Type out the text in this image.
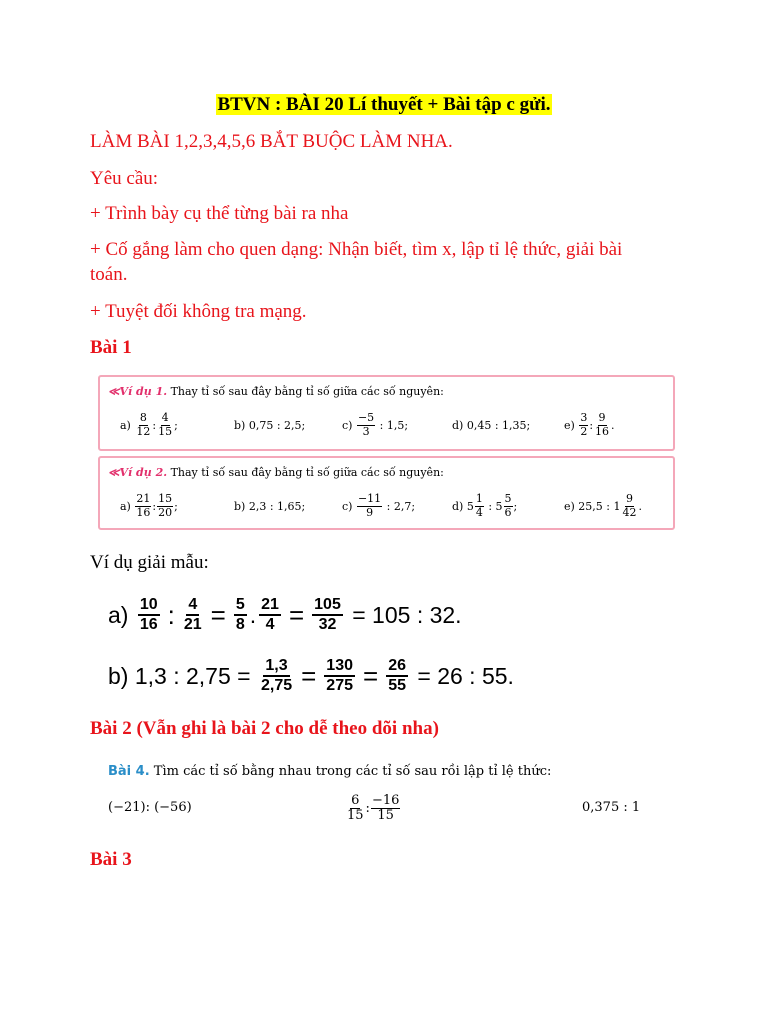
BTVN : BÀI 20 Lí thuyết + Bài tập c gửi.
LÀM BÀI 1,2,3,4,5,6 BẮT BUỘC LÀM NHA.
Yêu cầu:
+ Trình bày cụ thể từng bài ra nha
+ Cố gắng làm cho quen dạng: Nhận biết, tìm x, lập tỉ lệ thức, giải bài
toán.
+ Tuyệt đối không tra mạng.
Bài 1
≪Ví dụ 1. Thay tỉ số sau đây bằng tỉ số giữa các số nguyên:
a)
$\frac{8}{12}$ : $\frac{4}{15}$ ;	b) 0,75 : 2,5;	c)
$\frac{-5}{3}$
: 1,5;	d) 0,45 : 1,35;	e)
$\frac{3}{2}$ : $\frac{9}{16}$ .
≪Ví dụ 2. Thay tỉ số sau đây bằng tỉ số giữa các số nguyên:
a)
$\frac{21}{16}$ : $\frac{15}{20}$ ;	b) 2,3 : 1,65;	c)
$\frac{-11}{9}$
: 2,7;	d) $5 \frac{1}{4}$
: $5 \frac{5}{6}$ ;	e) 25,5 : $1 \frac{9}{42}$ .
Ví dụ giải mẫu:
a)
$\frac{10}{16}$ : $\frac{4}{21} = \frac{5}{8}$ . $\frac{21}{4} = \frac{105}{32}$
= 105 : 32.
b) 1,3 : 2,75 =
$\frac{1,3}{2,75} = \frac{130}{275} = \frac{26}{55}$
= 26 : 55.
Bài 2 (Vẫn ghi là bài 2 cho dễ theo dõi nha)
Bài 4. Tìm các tỉ số bằng nhau trong các tỉ số sau rồi lập tỉ lệ thức:
(−21): (−56)	$\frac{6}{15}$ : $\frac{-16}{15}$	0,375 : 1
Bài 3
